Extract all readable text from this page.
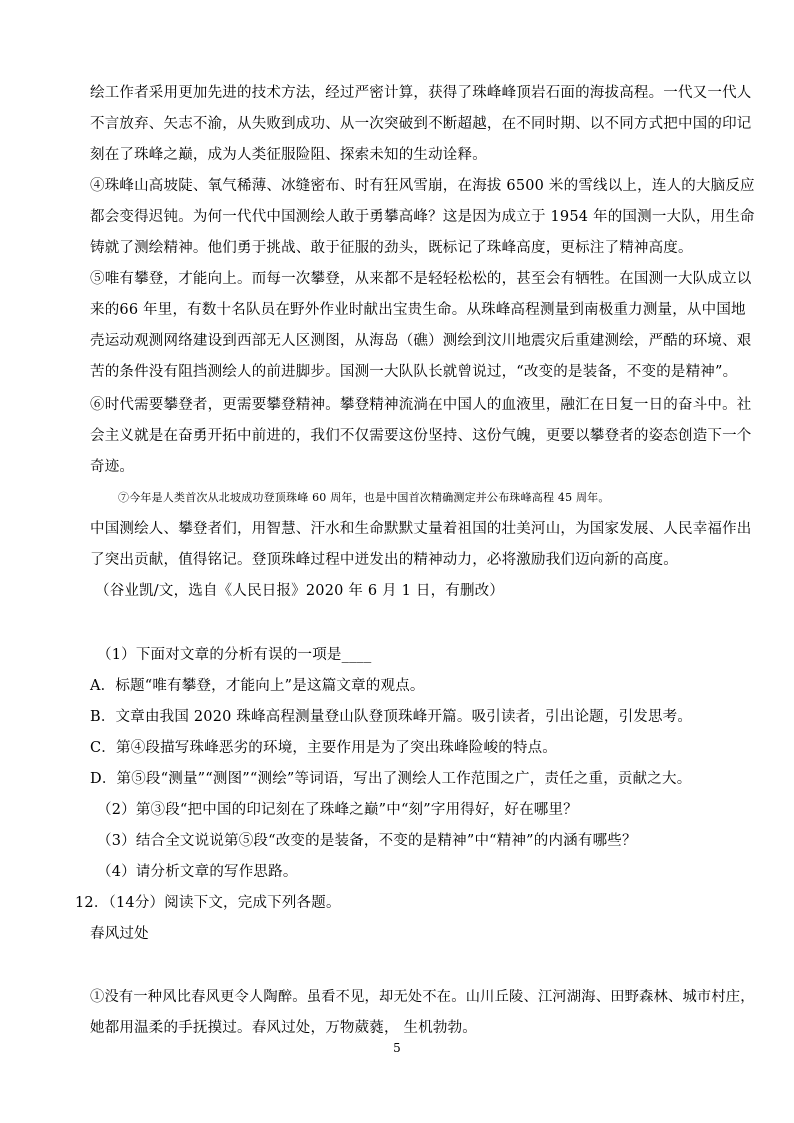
绘工作者采用更加先进的技术方法，经过严密计算，获得了珠峰峰顶岩石面的海拔高程。一代又一代人
不言放弃、矢志不渝，从失败到成功、从一次突破到不断超越，在不同时期、以不同方式把中国的印记
刻在了珠峰之巅，成为人类征服险阻、探索未知的生动诠释。
④珠峰山高坡陡、氧气稀薄、冰缝密布、时有狂风雪崩，在海拔 6500 米的雪线以上，连人的大脑反应
都会变得迟钝。为何一代代中国测绘人敢于勇攀高峰？这是因为成立于 1954 年的国测一大队，用生命
铸就了测绘精神。他们勇于挑战、敢于征服的劲头，既标记了珠峰高度，更标注了精神高度。
⑤唯有攀登，才能向上。而每一次攀登，从来都不是轻轻松松的，甚至会有牺牲。在国测一大队成立以
来的66 年里，有数十名队员在野外作业时献出宝贵生命。从珠峰高程测量到南极重力测量，从中国地
壳运动观测网络建设到西部无人区测图，从海岛（礁）测绘到汶川地震灾后重建测绘，严酷的环境、艰
苦的条件没有阻挡测绘人的前进脚步。国测一大队队长就曾说过，“改变的是装备，不变的是精神”。
⑥时代需要攀登者，更需要攀登精神。攀登精神流淌在中国人的血液里，融汇在日复一日的奋斗中。社
会主义就是在奋勇开拓中前进的，我们不仅需要这份坚持、这份气魄，更要以攀登者的姿态创造下一个
奇迹。
⑦今年是人类首次从北坡成功登顶珠峰 60 周年，也是中国首次精确测定并公布珠峰高程 45 周年。
中国测绘人、攀登者们，用智慧、汗水和生命默默丈量着祖国的壮美河山，为国家发展、人民幸福作出
了突出贡献，值得铭记。登顶珠峰过程中迸发出的精神动力，必将激励我们迈向新的高度。
（谷业凯/文，选自《人民日报》2020 年 6 月 1 日，有删改）
（1）下面对文章的分析有误的一项是____
A．标题“唯有攀登，才能向上”是这篇文章的观点。
B．文章由我国 2020 珠峰高程测量登山队登顶珠峰开篇。吸引读者，引出论题，引发思考。
C．第④段描写珠峰恶劣的环境，主要作用是为了突出珠峰险峻的特点。
D．第⑤段“测量”“测图”“测绘”等词语，写出了测绘人工作范围之广，责任之重，贡献之大。
（2）第③段“把中国的印记刻在了珠峰之巅”中“刻”字用得好，好在哪里？
（3）结合全文说说第⑤段“改变的是装备，不变的是精神”中“精神”的内涵有哪些？
（4）请分析文章的写作思路。
12．（14分）阅读下文，完成下列各题。
春风过处
①没有一种风比春风更令人陶醉。虽看不见，却无处不在。山川丘陵、江河湖海、田野森林、城市村庄，
她都用温柔的手抚摸过。春风过处，万物葳蕤， 生机勃勃。
5
